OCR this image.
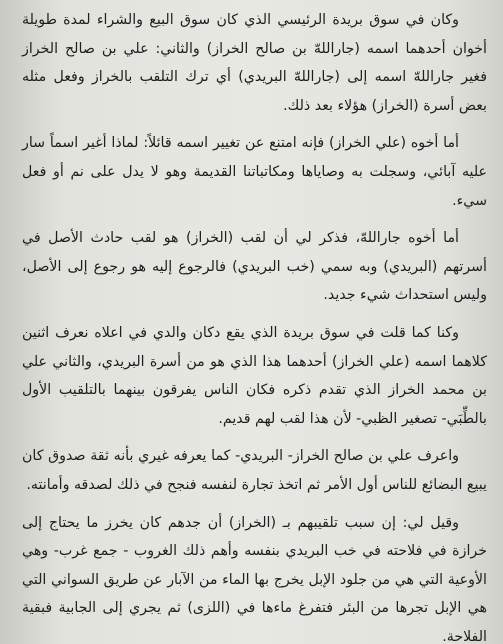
وكان في سوق بريدة الرئيسي الذي كان سوق البيع والشراء لمدة طويلة أخوان أحدهما اسمه (جاراللهّ بن صالح الخراز) والثاني: علي بن صالح الخراز فغير جاراللهّ اسمه إلى (جاراللهّ البريدي) أي ترك التلقب بالخراز وفعل مثله بعض أسرة (الخراز) هؤلاء بعد ذلك.

أما أخوه (علي الخراز) فإنه امتنع عن تغيير اسمه قائلاً: لماذا أغير اسماً سار عليه آبائي، وسجلت به وصاياها ومكاتباتنا القديمة وهو لا يدل على نم أو فعل سيء.

أما أخوه جاراللهّ، فذكر لي أن لقب (الخراز) هو لقب حادث الأصل في أسرتهم (البريدي) وبه سمي (خب البريدي) فالرجوع إليه هو رجوع إلى الأصل، وليس استحداث شيء جديد.

وكنا كما قلت في سوق بريدة الذي يقع دكان والدي في اعلاه نعرف اثنين كلاهما اسمه (علي الخراز) أحدهما هذا الذي هو من أسرة البريدي، والثاني علي بن محمد الخراز الذي تقدم ذكره فكان الناس يفرقون بينهما بالتلقيب الأول بالطِّبَي- تصغير الظبي- لأن هذا لقب لهم قديم.

واعرف علي بن صالح الخراز- البريدي- كما يعرفه غيري بأنه ثقة صدوق كان يبيع البضائع للناس أول الأمر ثم اتخذ تجارة لنفسه فنجح في ذلك لصدقه وأمانته.

وقيل لي: إن سبب تلقيبهم بـ (الخراز) أن جدهم كان يخرز ما يحتاج إلى خرازة في فلاحته في خب البريدي بنفسه وأهم ذلك الغروب - جمع غرب- وهي الأوعية التي هي من جلود الإبل يخرج بها الماء من الآبار عن طريق السواني التي هي الإبل تجرها من البئر فتفرغ ماءها في (اللزى) ثم يجري إلى الجابية فبقية الفلاحة.
